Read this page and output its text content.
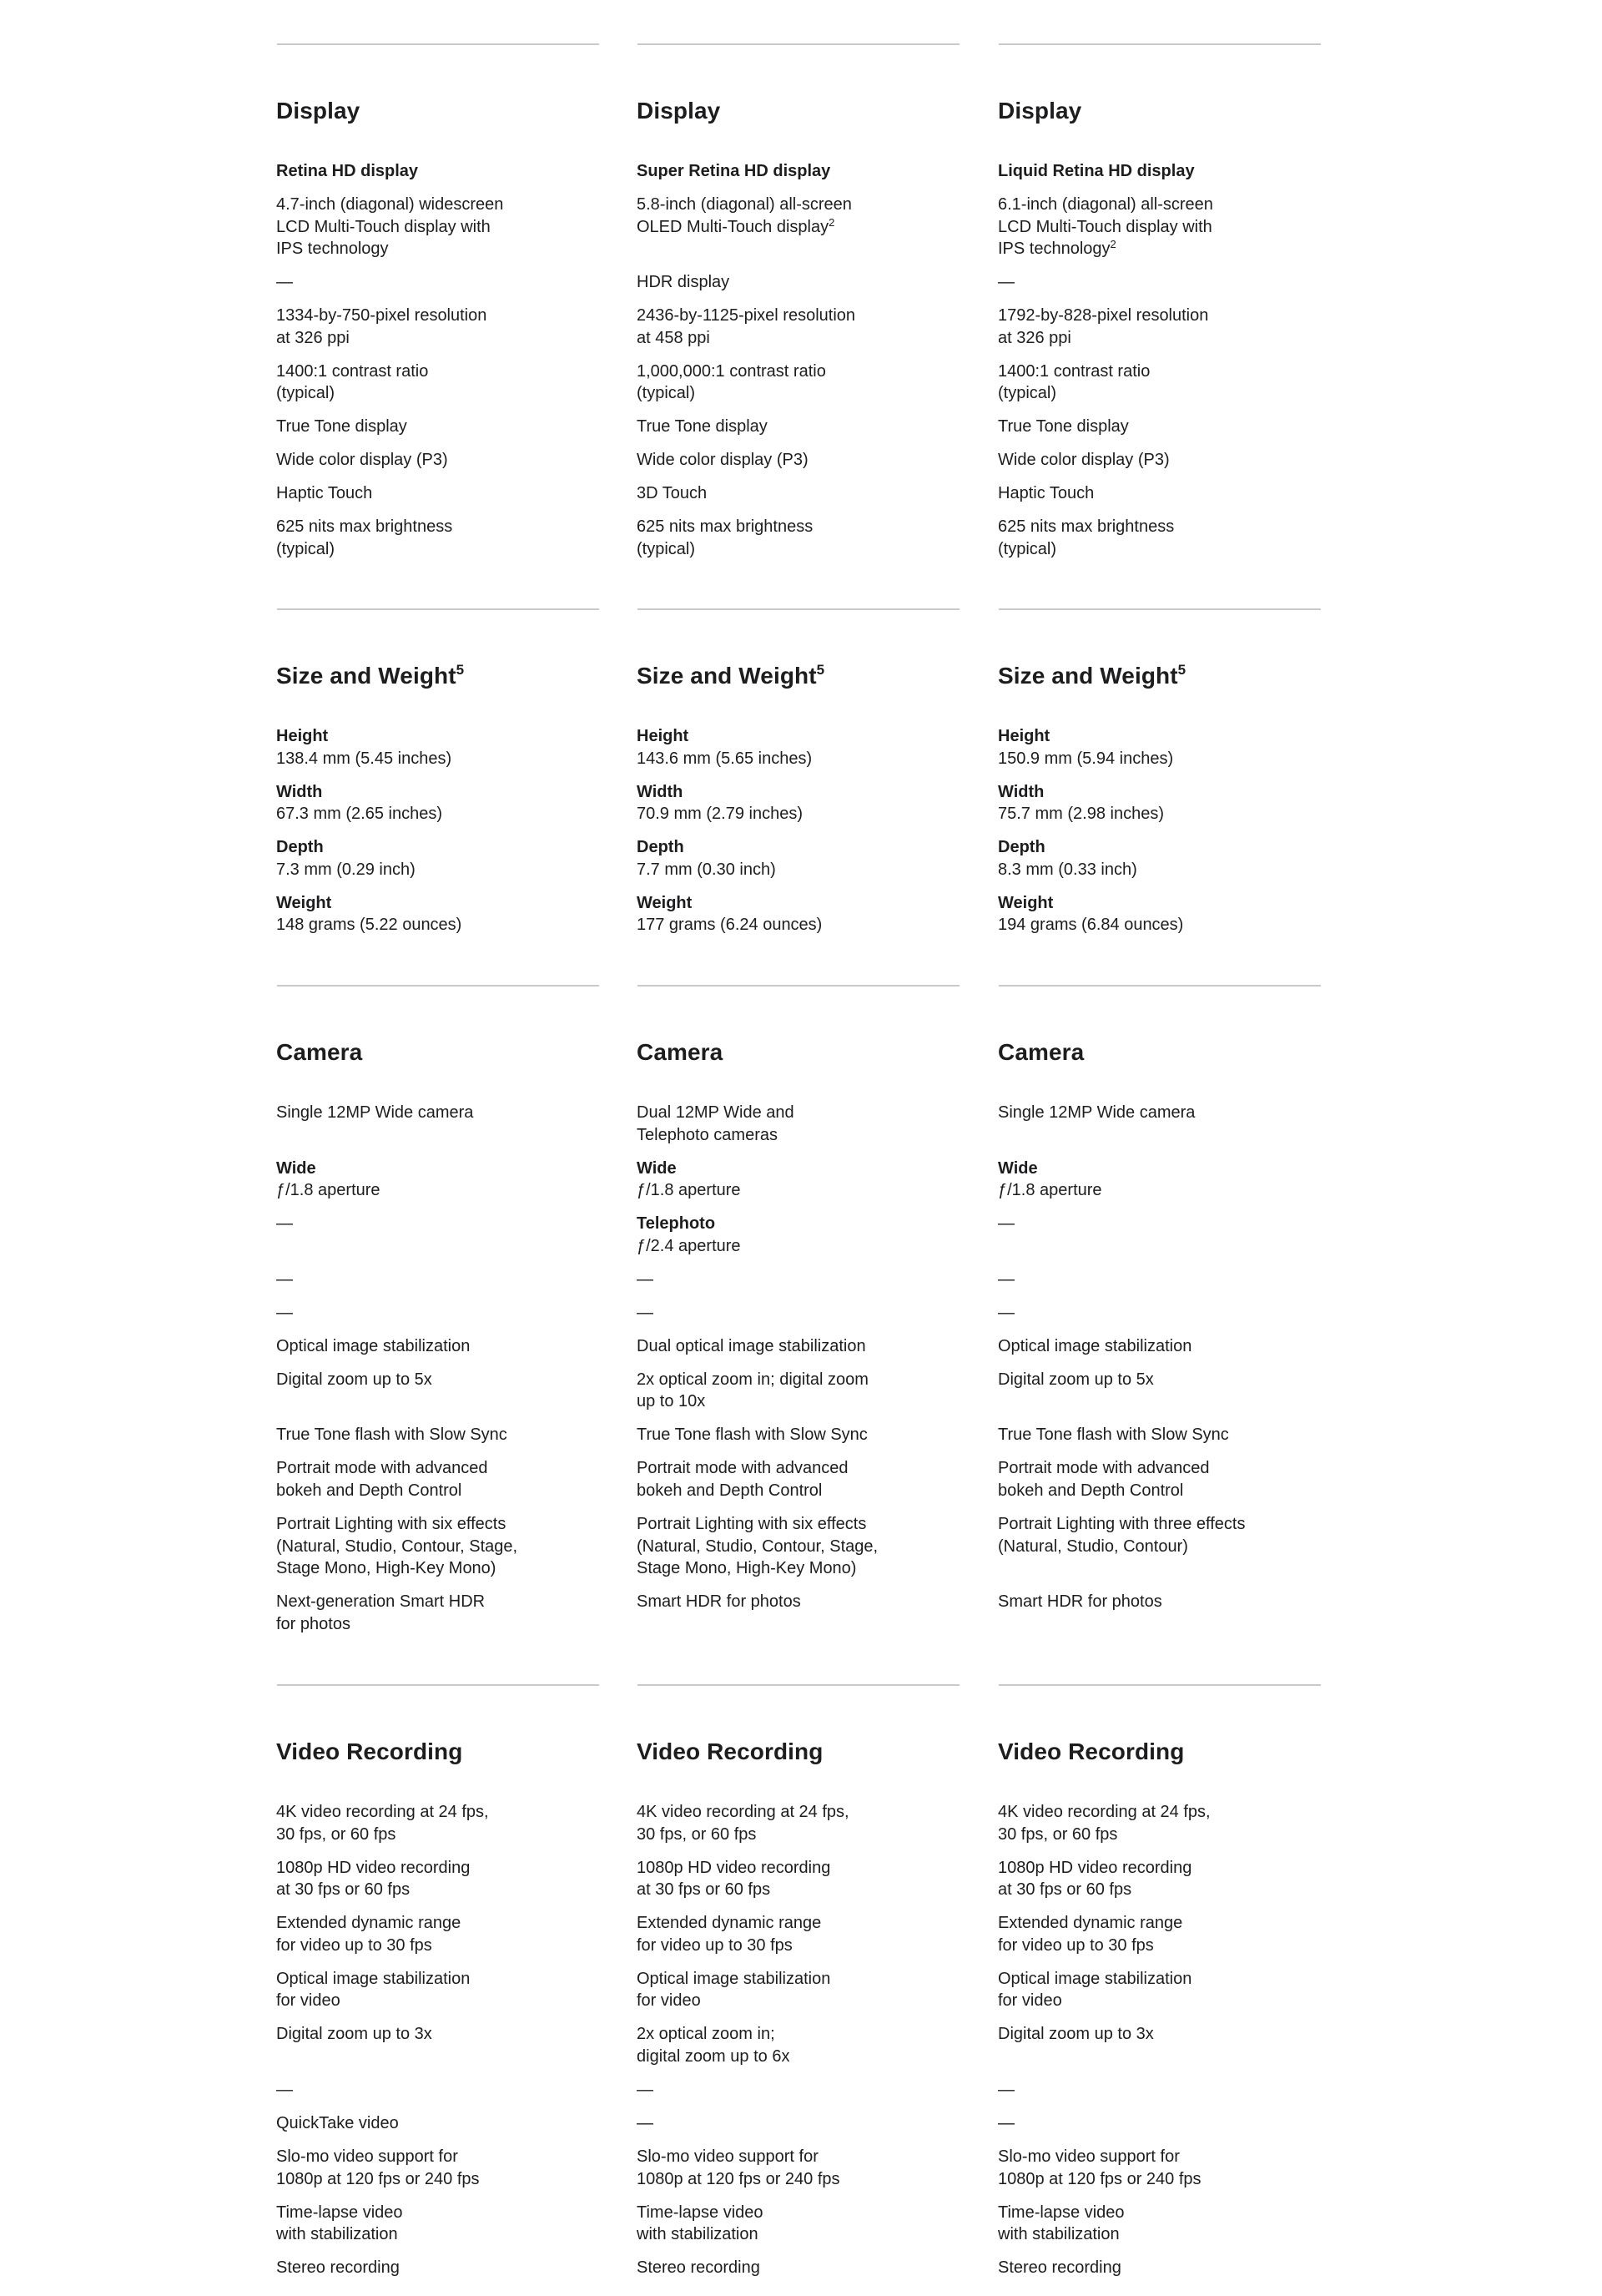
Display
Retina HD display
4.7-inch (diagonal) widescreen
LCD Multi-Touch display with
IPS technology
—
1334-by-750-pixel resolution
at 326 ppi
1400:1 contrast ratio
(typical)
True Tone display
Wide color display (P3)
Haptic Touch
625 nits max brightness
(typical)
Display
Super Retina HD display
5.8-inch (diagonal) all-screen
OLED Multi-Touch display$^2$

HDR display
2436-by-1125-pixel resolution
at 458 ppi
1,000,000:1 contrast ratio
(typical)
True Tone display
Wide color display (P3)
3D Touch
625 nits max brightness
(typical)
Display
Liquid Retina HD display
6.1-inch (diagonal) all-screen
LCD Multi-Touch display with
IPS technology$^2$
—
1792-by-828-pixel resolution
at 326 ppi
1400:1 contrast ratio
(typical)
True Tone display
Wide color display (P3)
Haptic Touch
625 nits max brightness
(typical)
Size and Weight$^5$
Height
138.4 mm (5.45 inches)
Width
67.3 mm (2.65 inches)
Depth
7.3 mm (0.29 inch)
Weight
148 grams (5.22 ounces)
Size and Weight$^5$
Height
143.6 mm (5.65 inches)
Width
70.9 mm (2.79 inches)
Depth
7.7 mm (0.30 inch)
Weight
177 grams (6.24 ounces)
Size and Weight$^5$
Height
150.9 mm (5.94 inches)
Width
75.7 mm (2.98 inches)
Depth
8.3 mm (0.33 inch)
Weight
194 grams (6.84 ounces)
Camera
Single 12MP Wide camera

Wide
ƒ/1.8 aperture
—

—
—
Optical image stabilization
Digital zoom up to 5x

True Tone flash with Slow Sync
Portrait mode with advanced
bokeh and Depth Control
Portrait Lighting with six effects
(Natural, Studio, Contour, Stage,
Stage Mono, High-Key Mono)
Next-generation Smart HDR
for photos
Camera
Dual 12MP Wide and
Telephoto cameras
Wide
ƒ/1.8 aperture
Telephoto
ƒ/2.4 aperture
—
—
Dual optical image stabilization
2x optical zoom in; digital zoom
up to 10x
True Tone flash with Slow Sync
Portrait mode with advanced
bokeh and Depth Control
Portrait Lighting with six effects
(Natural, Studio, Contour, Stage,
Stage Mono, High-Key Mono)
Smart HDR for photos
Camera
Single 12MP Wide camera

Wide
ƒ/1.8 aperture
—

—
—
Optical image stabilization
Digital zoom up to 5x

True Tone flash with Slow Sync
Portrait mode with advanced
bokeh and Depth Control
Portrait Lighting with three effects
(Natural, Studio, Contour)

Smart HDR for photos
Video Recording
4K video recording at 24 fps,
30 fps, or 60 fps
1080p HD video recording
at 30 fps or 60 fps
Extended dynamic range
for video up to 30 fps
Optical image stabilization
for video
Digital zoom up to 3x

—
QuickTake video
Slo-mo video support for
1080p at 120 fps or 240 fps
Time-lapse video
with stabilization
Stereo recording
Video Recording
4K video recording at 24 fps,
30 fps, or 60 fps
1080p HD video recording
at 30 fps or 60 fps
Extended dynamic range
for video up to 30 fps
Optical image stabilization
for video
2x optical zoom in;
digital zoom up to 6x
—
—
Slo-mo video support for
1080p at 120 fps or 240 fps
Time-lapse video
with stabilization
Stereo recording
Video Recording
4K video recording at 24 fps,
30 fps, or 60 fps
1080p HD video recording
at 30 fps or 60 fps
Extended dynamic range
for video up to 30 fps
Optical image stabilization
for video
Digital zoom up to 3x

—
—
Slo-mo video support for
1080p at 120 fps or 240 fps
Time-lapse video
with stabilization
Stereo recording
